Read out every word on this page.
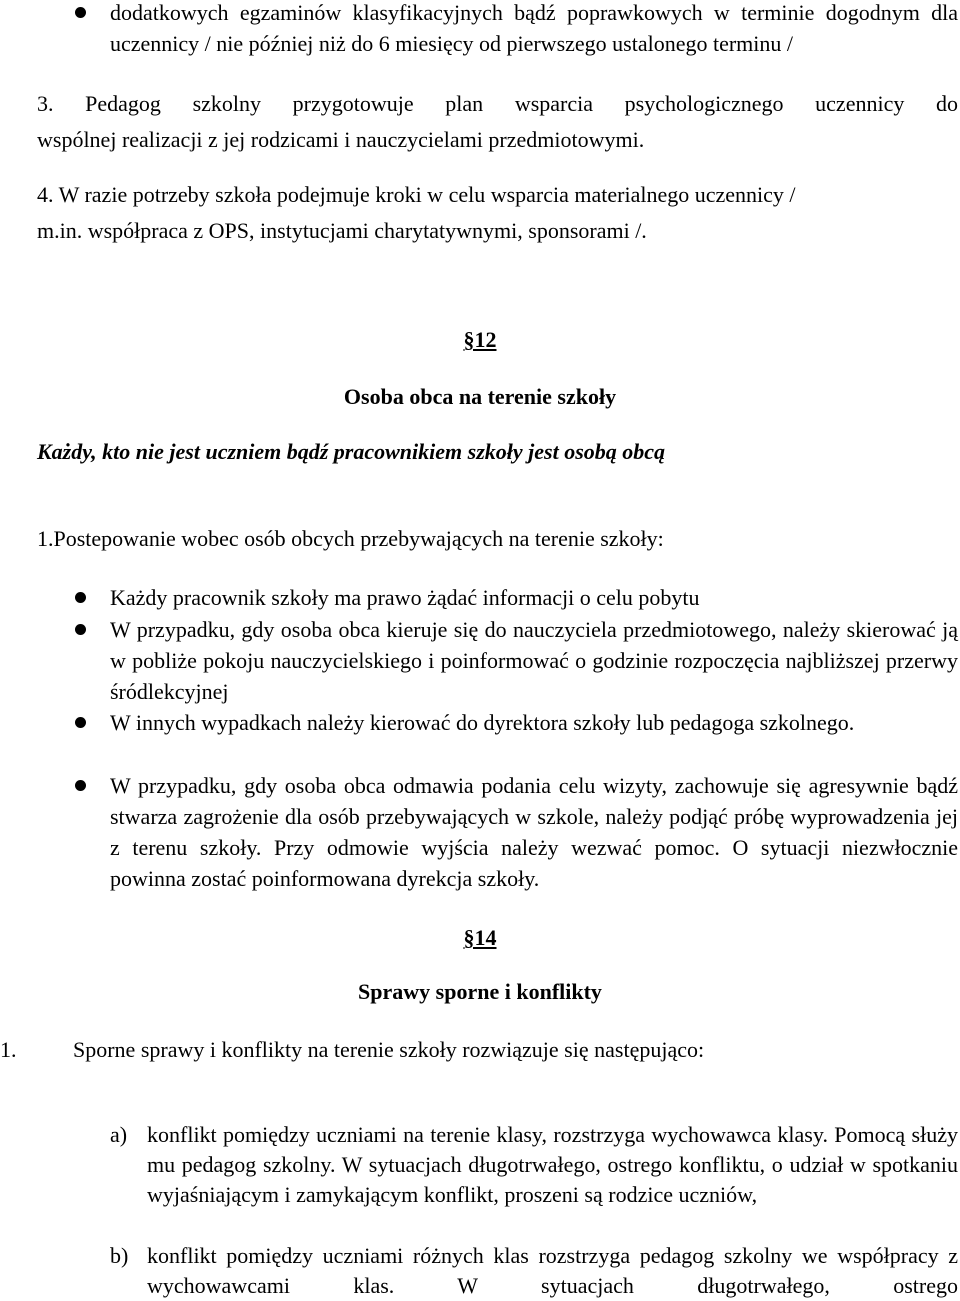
dodatkowych egzaminów klasyfikacyjnych bądź poprawkowych w terminie dogodnym dla uczennicy / nie później niż do 6 miesięcy od pierwszego ustalonego terminu /
3. Pedagog szkolny przygotowuje plan wsparcia psychologicznego uczennicy do
wspólnej realizacji z jej rodzicami i nauczycielami przedmiotowymi.
4. W razie potrzeby szkoła podejmuje kroki w celu wsparcia materialnego uczennicy /
m.in. współpraca z OPS, instytucjami charytatywnymi, sponsorami /.
§12
Osoba obca na terenie szkoły
Każdy, kto nie jest uczniem bądź pracownikiem szkoły jest osobą obcą
1.Postepowanie wobec osób obcych przebywających na terenie szkoły:
Każdy pracownik szkoły ma prawo żądać informacji o celu pobytu
W przypadku, gdy osoba obca kieruje się do nauczyciela przedmiotowego, należy skierować ją w pobliże pokoju nauczycielskiego i poinformować o godzinie rozpoczęcia najbliższej przerwy śródlekcyjnej
W innych wypadkach należy kierować do dyrektora szkoły lub pedagoga szkolnego.
W przypadku, gdy osoba obca odmawia podania celu wizyty, zachowuje się agresywnie bądź stwarza zagrożenie dla osób przebywających w szkole, należy podjąć próbę wyprowadzenia jej z terenu szkoły. Przy odmowie wyjścia należy wezwać pomoc. O sytuacji niezwłocznie powinna zostać poinformowana dyrekcja szkoły.
§14
Sprawy sporne i konflikty
1.	Sporne sprawy i konflikty na terenie szkoły rozwiązuje się następująco:
a) konflikt pomiędzy uczniami na terenie klasy, rozstrzyga wychowawca klasy. Pomocą służy mu pedagog szkolny. W sytuacjach długotrwałego, ostrego konfliktu, o udział w spotkaniu wyjaśniającym i zamykającym konflikt, proszeni są rodzice uczniów,
b) konflikt pomiędzy uczniami różnych klas rozstrzyga pedagog szkolny we współpracy z wychowawcami klas. W sytuacjach długotrwałego, ostrego
